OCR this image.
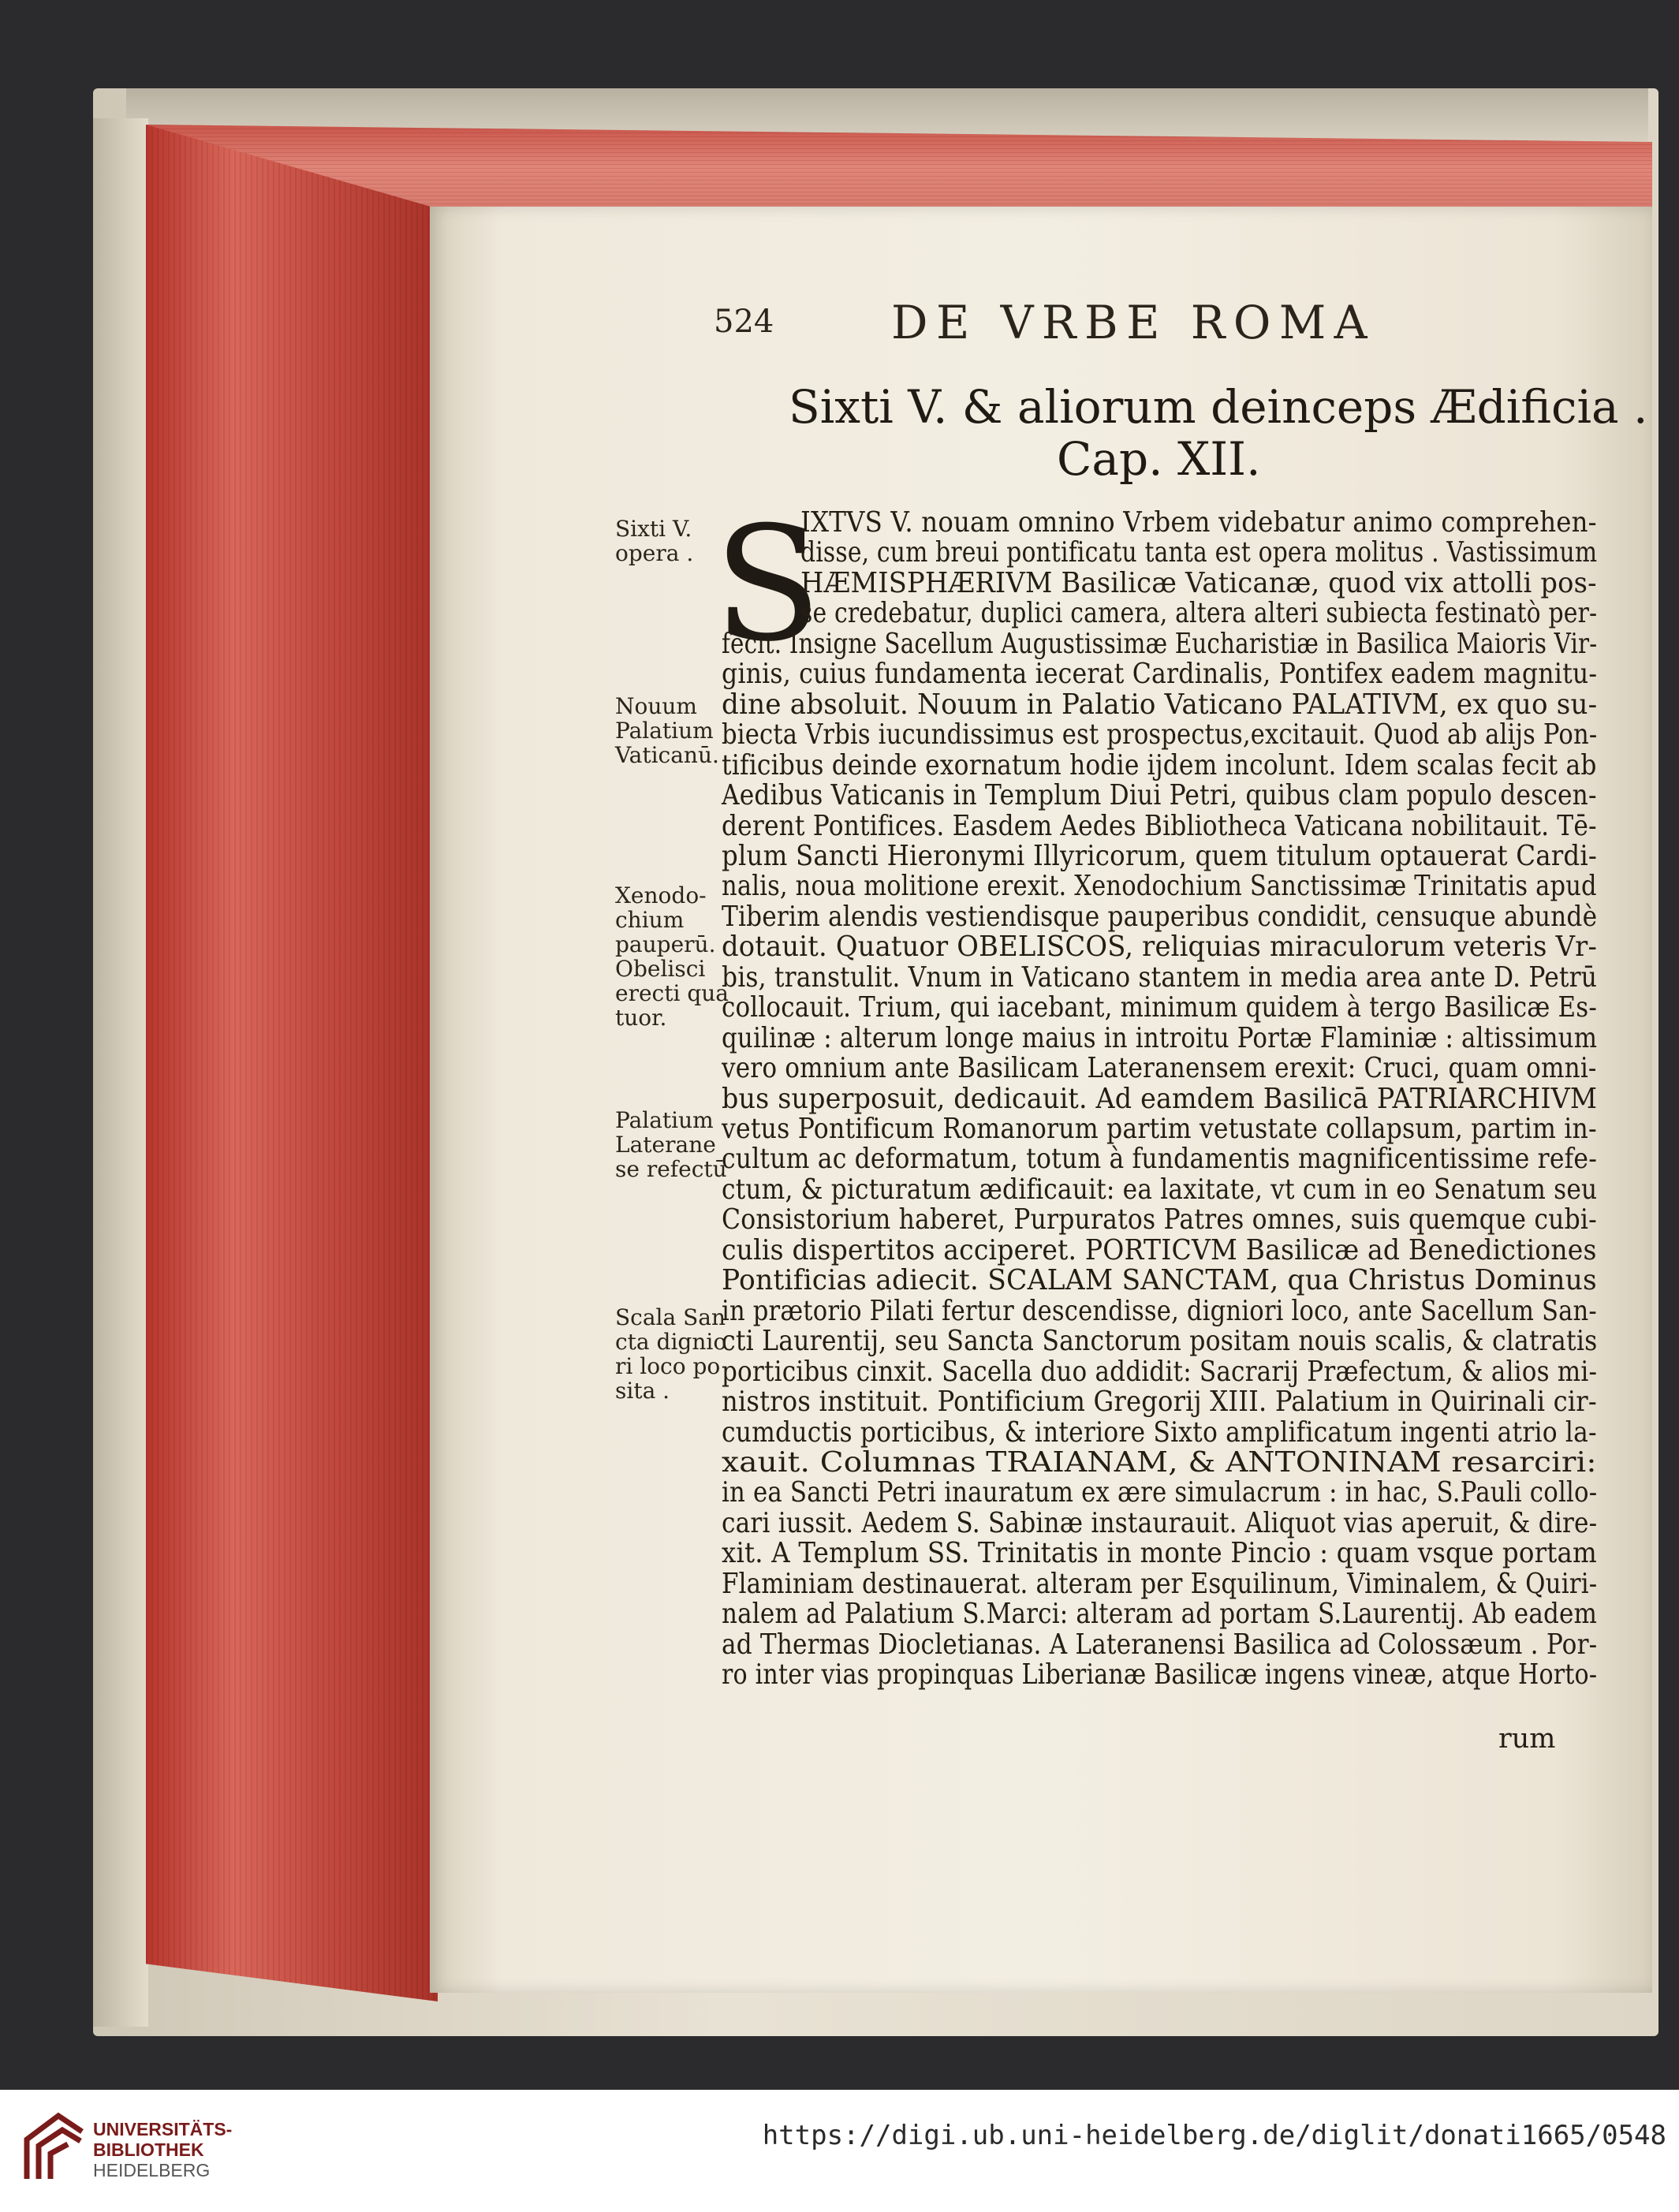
524	DE VRBE ROMA
Sixti V. & aliorum deinceps Ædificia .
Cap. XII.
S
IXTVS V. nouam omnino Vrbem videbatur animo comprehen-
disse, cum breui pontificatu tanta est opera molitus . Vastissimum
HÆMISPHÆRIVM Basilicæ Vaticanæ, quod vix attolli pos-
se credebatur, duplici camera, altera alteri subiecta festinatò per-
fecit. Insigne Sacellum Augustissimæ Eucharistiæ in Basilica Maioris Vir-
ginis, cuius fundamenta iecerat Cardinalis, Pontifex eadem magnitu-
dine absoluit. Nouum in Palatio Vaticano PALATIVM, ex quo su-
biecta Vrbis iucundissimus est prospectus,excitauit. Quod ab alijs Pon-
tificibus deinde exornatum hodie ijdem incolunt. Idem scalas fecit ab
Aedibus Vaticanis in Templum Diui Petri, quibus clam populo descen-
derent Pontifices. Easdem Aedes Bibliotheca Vaticana nobilitauit. Tē-
plum Sancti Hieronymi Illyricorum, quem titulum optauerat Cardi-
nalis, noua molitione erexit. Xenodochium Sanctissimæ Trinitatis apud
Tiberim alendis vestiendisque pauperibus condidit, censuque abundè
dotauit. Quatuor OBELISCOS, reliquias miraculorum veteris Vr-
bis, transtulit. Vnum in Vaticano stantem in media area ante D. Petrū
collocauit. Trium, qui iacebant, minimum quidem à tergo Basilicæ Es-
quilinæ : alterum longe maius in introitu Portæ Flaminiæ : altissimum
vero omnium ante Basilicam Lateranensem erexit: Cruci, quam omni-
bus superposuit, dedicauit. Ad eamdem Basilicā PATRIARCHIVM
vetus Pontificum Romanorum partim vetustate collapsum, partim in-
cultum ac deformatum, totum à fundamentis magnificentissime refe-
ctum, & picturatum ædificauit: ea laxitate, vt cum in eo Senatum seu
Consistorium haberet, Purpuratos Patres omnes, suis quemque cubi-
culis dispertitos acciperet. PORTICVM Basilicæ ad Benedictiones
Pontificias adiecit. SCALAM SANCTAM, qua Christus Dominus
in prætorio Pilati fertur descendisse, digniori loco, ante Sacellum San-
cti Laurentij, seu Sancta Sanctorum positam nouis scalis, & clatratis
porticibus cinxit. Sacella duo addidit: Sacrarij Præfectum, & alios mi-
nistros instituit. Pontificium Gregorij XIII. Palatium in Quirinali cir-
cumductis porticibus, & interiore Sixto amplificatum ingenti atrio la-
xauit. Columnas TRAIANAM, & ANTONINAM resarciri:
in ea Sancti Petri inauratum ex ære simulacrum : in hac, S.Pauli collo-
cari iussit. Aedem S. Sabinæ instaurauit. Aliquot vias aperuit, & dire-
xit. A Templum SS. Trinitatis in monte Pincio : quam vsque portam
Flaminiam destinauerat. alteram per Esquilinum, Viminalem, & Quiri-
nalem ad Palatium S.Marci: alteram ad portam S.Laurentij. Ab eadem
ad Thermas Diocletianas. A Lateranensi Basilica ad Colossæum . Por-
ro inter vias propinquas Liberianæ Basilicæ ingens vineæ, atque Horto-
Sixti V.
opera .
Nouum
Palatium
Vaticanū.
Xenodo-
chium
pauperū.
Obelisci
erecti qua
tuor.
Palatium
Laterane
se refectū
Scala San
cta dignio
ri loco po
sita .
rum
UNIVERSITÄTS-
BIBLIOTHEK
HEIDELBERG
https://digi.ub.uni-heidelberg.de/diglit/donati1665/0548
